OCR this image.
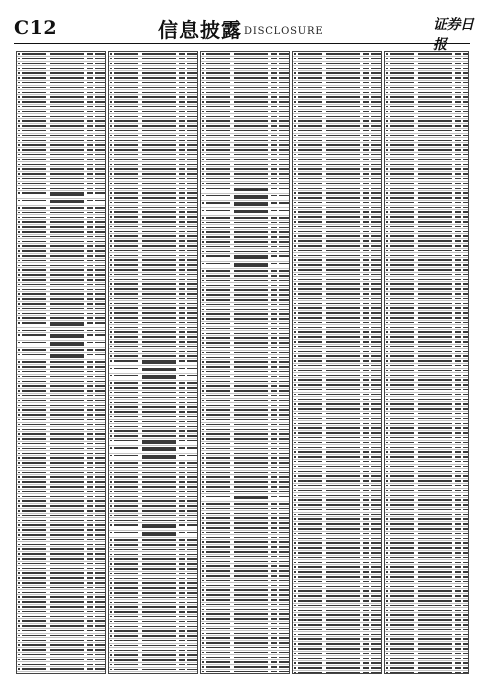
C12	信息披露 DISCLOSURE	证券日报
